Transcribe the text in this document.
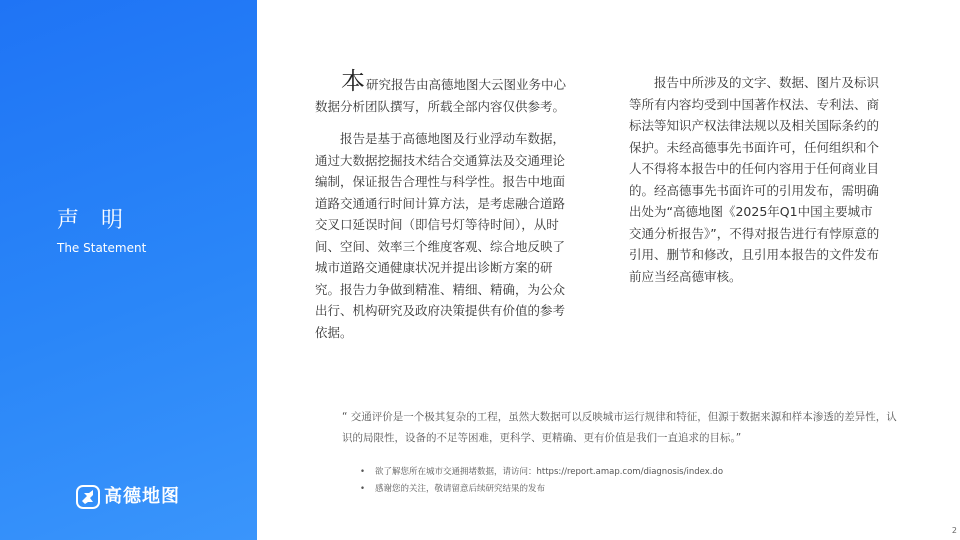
声明
The Statement
高德地图

本研究报告由高德地图大云图业务中心数据分析团队撰写，所载全部内容仅供参考。

报告是基于高德地图及行业浮动车数据，通过大数据挖掘技术结合交通算法及交通理论编制，保证报告合理性与科学性。报告中地面道路交通通行时间计算方法，是考虑融合道路交叉口延误时间（即信号灯等待时间），从时间、空间、效率三个维度客观、综合地反映了城市道路交通健康状况并提出诊断方案的研究。报告力争做到精准、精细、精确，为公众出行、机构研究及政府决策提供有价值的参考依据。

报告中所涉及的文字、数据、图片及标识等所有内容均受到中国著作权法、专利法、商标法等知识产权法律法规以及相关国际条约的保护。未经高德事先书面许可，任何组织和个人不得将本报告中的任何内容用于任何商业目的。经高德事先书面许可的引用发布，需明确出处为“高德地图《2025年Q1中国主要城市交通分析报告》”，不得对报告进行有悖原意的引用、删节和修改，且引用本报告的文件发布前应当经高德审核。

“ 交通评价是一个极其复杂的工程，虽然大数据可以反映城市运行规律和特征，但源于数据来源和样本渗透的差异性，认识的局限性，设备的不足等困难，更科学、更精确、更有价值是我们一直追求的目标。”
• 欲了解您所在城市交通拥堵数据，请访问：https://report.amap.com/diagnosis/index.do
• 感谢您的关注，敬请留意后续研究结果的发布
2
